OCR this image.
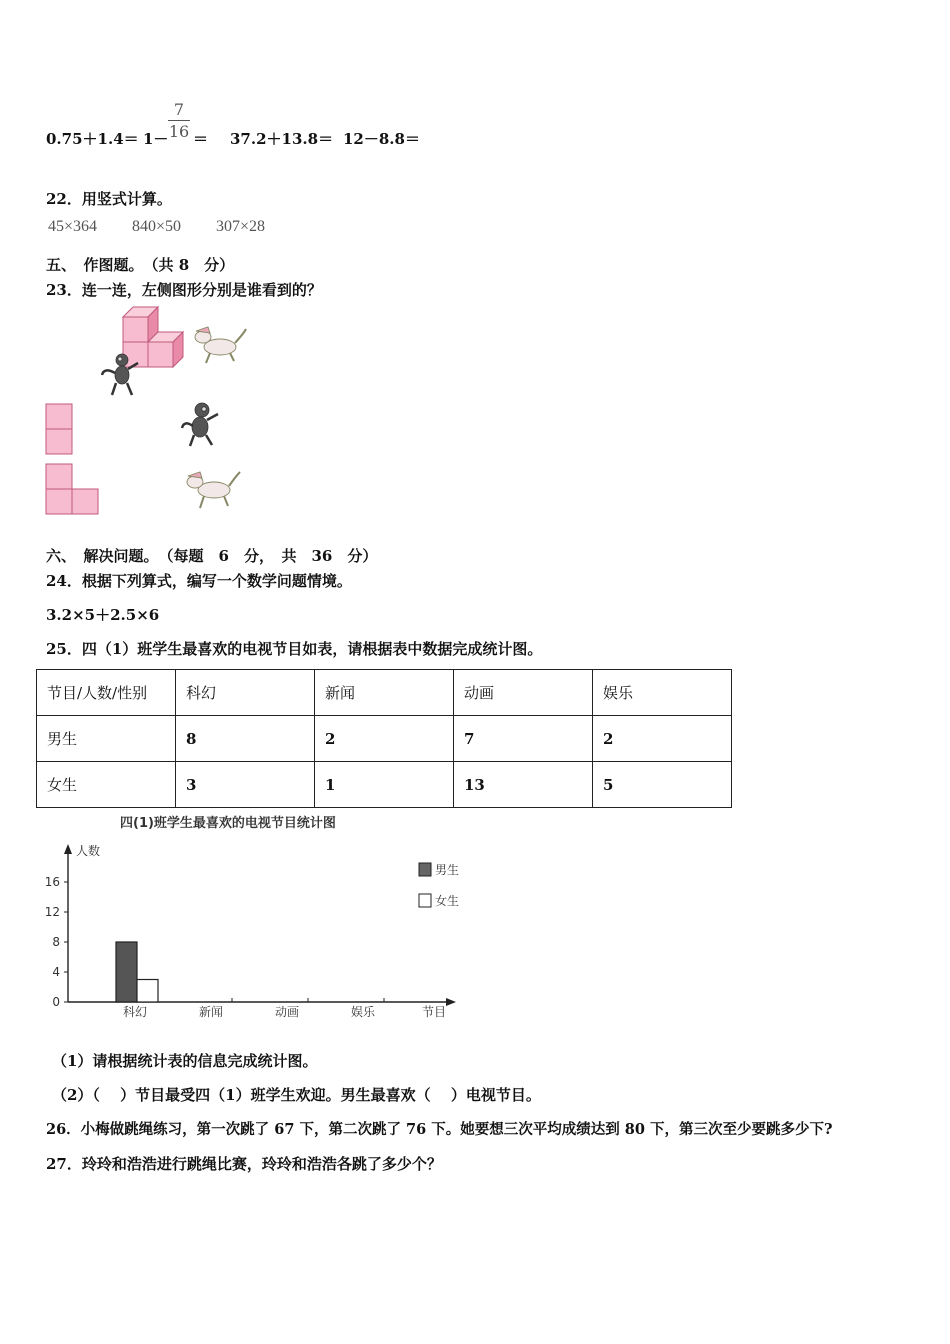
0.75＋1.4＝ 1－
7
16 ＝ 37.2＋13.8＝ 12－8.8＝
22．用竖式计算。
45×364 840×50 307×28
五、　作图题。　（共 8　分）
23．连一连，左侧图形分别是谁看到的？
六、　解决问题。　（每题　6　分，　共　36　分）
24．根据下列算式，编写一个数学问题情境。
3.2×5＋2.5×6
25．四（1）班学生最喜欢的电视节目如表，请根据表中数据完成统计图。
节目/人数/性别	科幻	新闻	动画	娱乐
男生	8	2	7	2
女生	3	1	13	5
四(1)班学生最喜欢的电视节目统计图
人数
节目
0
4
8
12
16
科幻	新闻	动画	娱乐
男生
女生
（1）请根据统计表的信息完成统计图。
（2）（　 ）节目最受四（1）班学生欢迎。男生最喜欢（　 ）电视节目。
26．小梅做跳绳练习，第一次跳了 67 下，第二次跳了 76 下。她要想三次平均成绩达到 80 下，第三次至少要跳多少下?
27．玲玲和浩浩进行跳绳比赛，玲玲和浩浩各跳了多少个？
